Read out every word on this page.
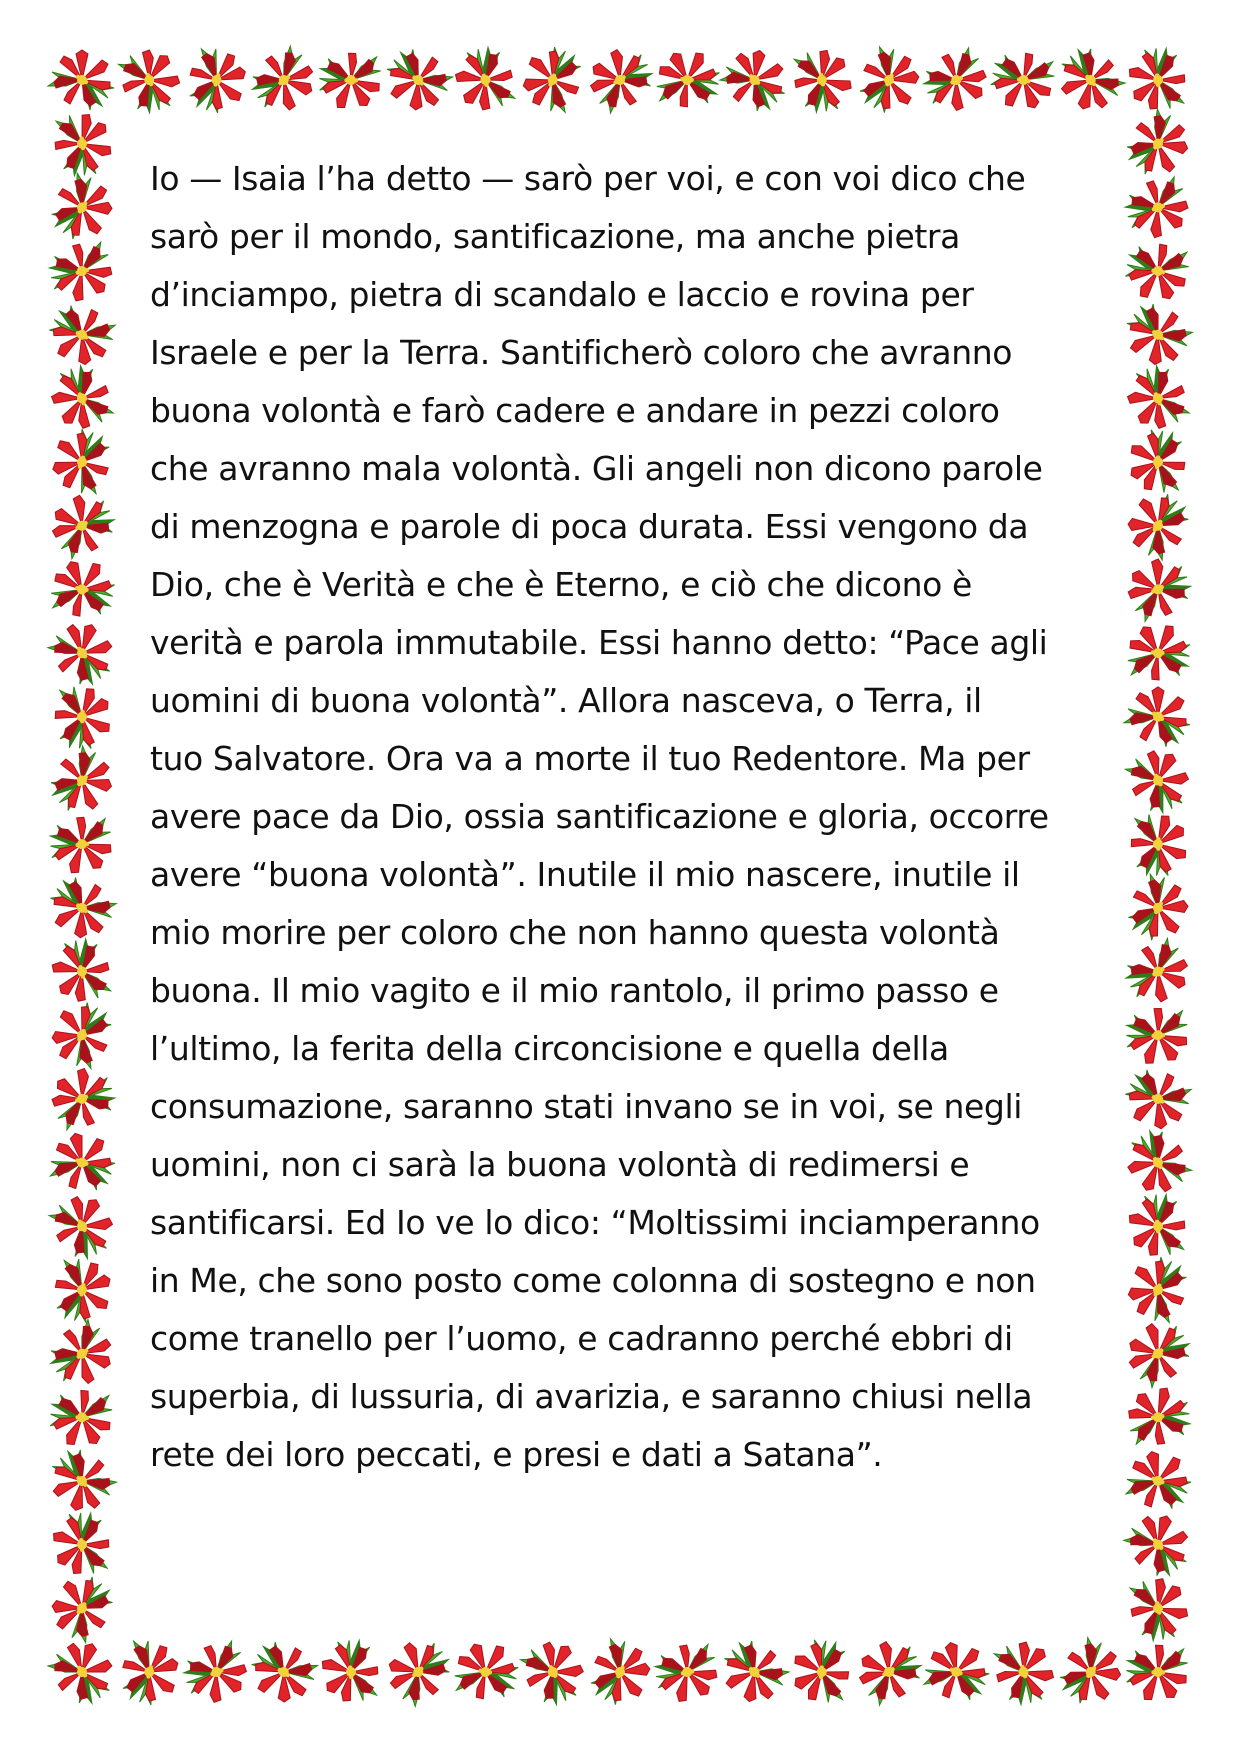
Io — Isaia l’ha detto — sarò per voi, e con voi dico che
sarò per il mondo, santificazione, ma anche pietra
d’inciampo, pietra di scandalo e laccio e rovina per
Israele e per la Terra. Santificherò coloro che avranno
buona volontà e farò cadere e andare in pezzi coloro
che avranno mala volontà. Gli angeli non dicono parole
di menzogna e parole di poca durata. Essi vengono da
Dio, che è Verità e che è Eterno, e ciò che dicono è
verità e parola immutabile. Essi hanno detto: “Pace agli
uomini di buona volontà”. Allora nasceva, o Terra, il
tuo Salvatore. Ora va a morte il tuo Redentore. Ma per
avere pace da Dio, ossia santificazione e gloria, occorre
avere “buona volontà”. Inutile il mio nascere, inutile il
mio morire per coloro che non hanno questa volontà
buona. Il mio vagito e il mio rantolo, il primo passo e
l’ultimo, la ferita della circoncisione e quella della
consumazione, saranno stati invano se in voi, se negli
uomini, non ci sarà la buona volontà di redimersi e
santificarsi. Ed Io ve lo dico: “Moltissimi inciamperanno
in Me, che sono posto come colonna di sostegno e non
come tranello per l’uomo, e cadranno perché ebbri di
superbia, di lussuria, di avarizia, e saranno chiusi nella
rete dei loro peccati, e presi e dati a Satana”.
